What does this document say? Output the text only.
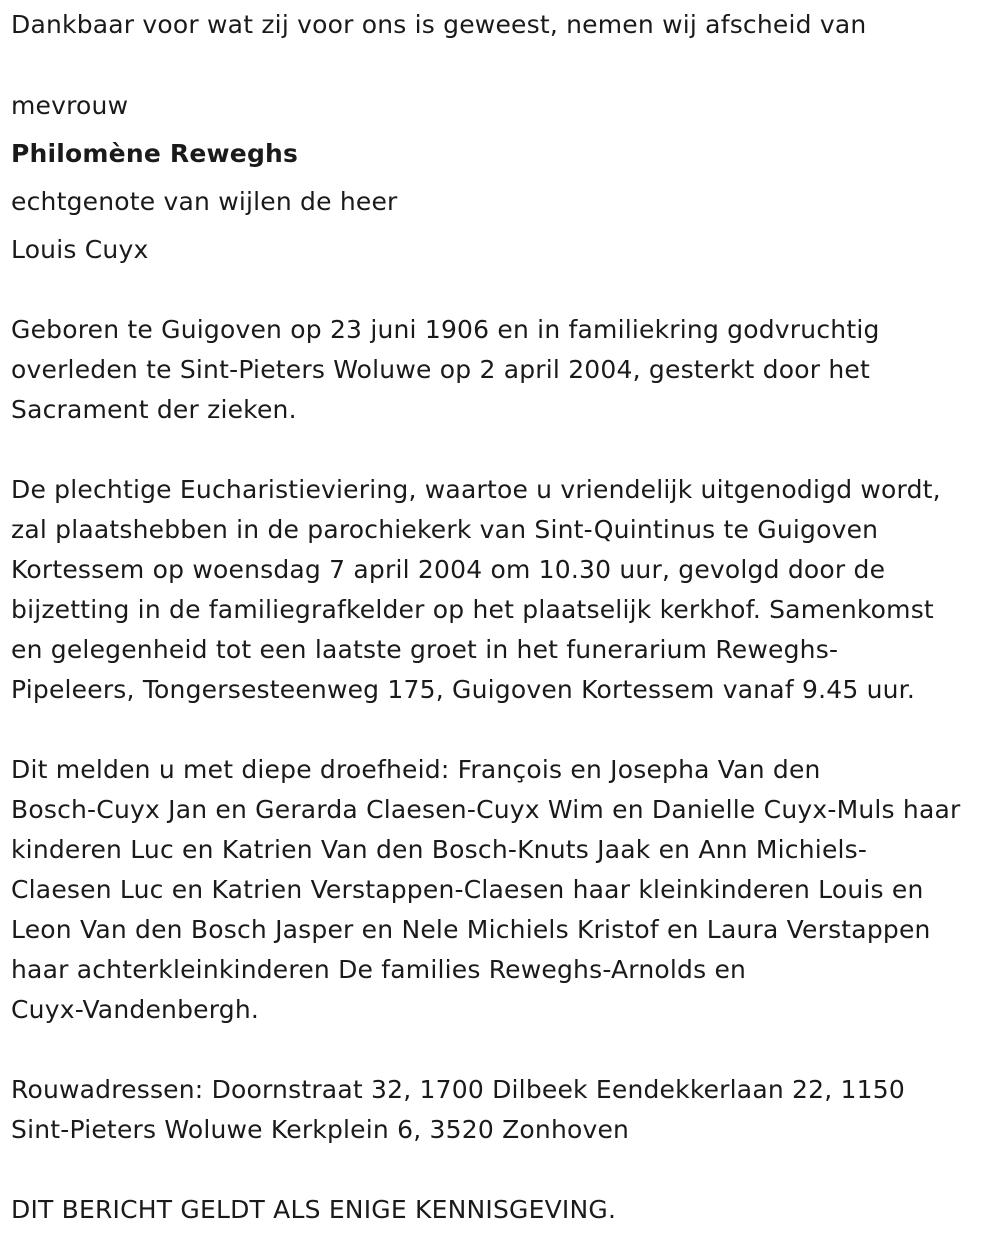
Dankbaar voor wat zij voor ons is geweest, nemen wij afscheid van

mevrouw

Philomène Reweghs

echtgenote van wijlen de heer

Louis Cuyx

Geboren te Guigoven op 23 juni 1906 en in familiekring godvruchtig
overleden te Sint-Pieters Woluwe op 2 april 2004, gesterkt door het
Sacrament der zieken.
De plechtige Eucharistieviering, waartoe u vriendelijk uitgenodigd wordt,
zal plaatshebben in de parochiekerk van Sint-Quintinus te Guigoven
Kortessem op woensdag 7 april 2004 om 10.30 uur, gevolgd door de
bijzetting in de familiegrafkelder op het plaatselijk kerkhof. Samenkomst
en gelegenheid tot een laatste groet in het funerarium Reweghs-
Pipeleers, Tongersesteenweg 175, Guigoven Kortessem vanaf 9.45 uur.
Dit melden u met diepe droefheid: François en Josepha Van den
Bosch-Cuyx Jan en Gerarda Claesen-Cuyx Wim en Danielle Cuyx-Muls haar
kinderen Luc en Katrien Van den Bosch-Knuts Jaak en Ann Michiels-
Claesen Luc en Katrien Verstappen-Claesen haar kleinkinderen Louis en
Leon Van den Bosch Jasper en Nele Michiels Kristof en Laura Verstappen
haar achterkleinkinderen De families Reweghs-Arnolds en
Cuyx-Vandenbergh.
Rouwadressen: Doornstraat 32, 1700 Dilbeek Eendekkerlaan 22, 1150
Sint-Pieters Woluwe Kerkplein 6, 3520 Zonhoven

DIT BERICHT GELDT ALS ENIGE KENNISGEVING.
